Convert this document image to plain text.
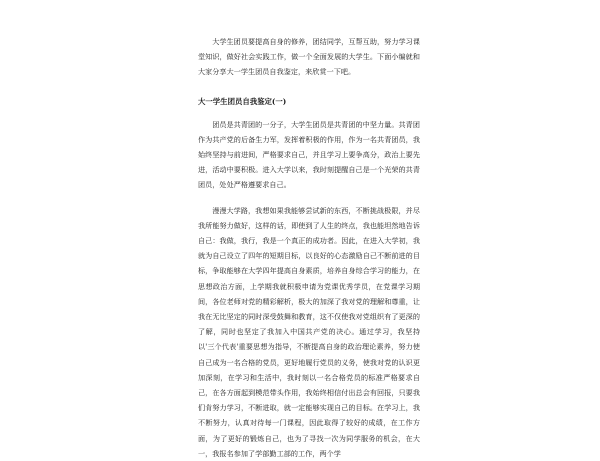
大学生团员要提高自身的修养，团结同学，互帮互助，努力学习课堂知识，做好社会实践工作，做一个全面发展的大学生。下面小编就和大家分享大一学生团员自我鉴定，来欣赏一下吧。

大一学生团员自我鉴定(一)

团员是共青团的一分子，大学生团员是共青团的中坚力量。共青团作为共产党的后备生力军，发挥着积极的作用，作为一名共青团员，我始终坚持与前进间，严格要求自己，并且学习上要争高分，政治上要先进，活动中要积极。进入大学以来，我时刻提醒自己是一个光荣的共青团员，处处严格遵要求自己。

漫漫大学路，我想如果我能够尝试新的东西，不断挑战极限，并尽我所能努力做好，这样的话，即使到了人生的终点，我也能坦然地告诉自己：我做，我行，我是一个真正的成功者。因此，在进入大学初，我就为自己设立了四年的短期目标，以良好的心态激励自己不断前进的目标，争取能够在大学四年提高自身素质，培养自身综合学习的能力，在思想政治方面，上学期我就积极申请为党课优秀学员，在党课学习期间，各位老师对党的精彩解析，极大的加深了我对党的理解和尊重，让我在无比坚定的同时深受鼓舞和教育，这不仅使我对党组织有了更深的了解，同时也坚定了我加入中国共产党的决心。通过学习，我坚持以'三个代表'重要思想为指导，不断提高自身的政治理论素养，努力使自己成为一名合格的党员，更好地履行党员的义务，使我对党的认识更加深刻，在学习和生活中，我时刻以一名合格党员的标准严格要求自己，在各方面起到模范带头作用，我始终相信付出总会有回报，只要我们肯努力学习，不断进取，就一定能够实现自己的目标。在学习上，我不断努力，认真对待每一门课程，因此取得了较好的成绩，在工作方面，为了更好的锻炼自己，也为了寻找一次为同学服务的机会，在大一，我报名参加了学部勤工部的工作，两个学
